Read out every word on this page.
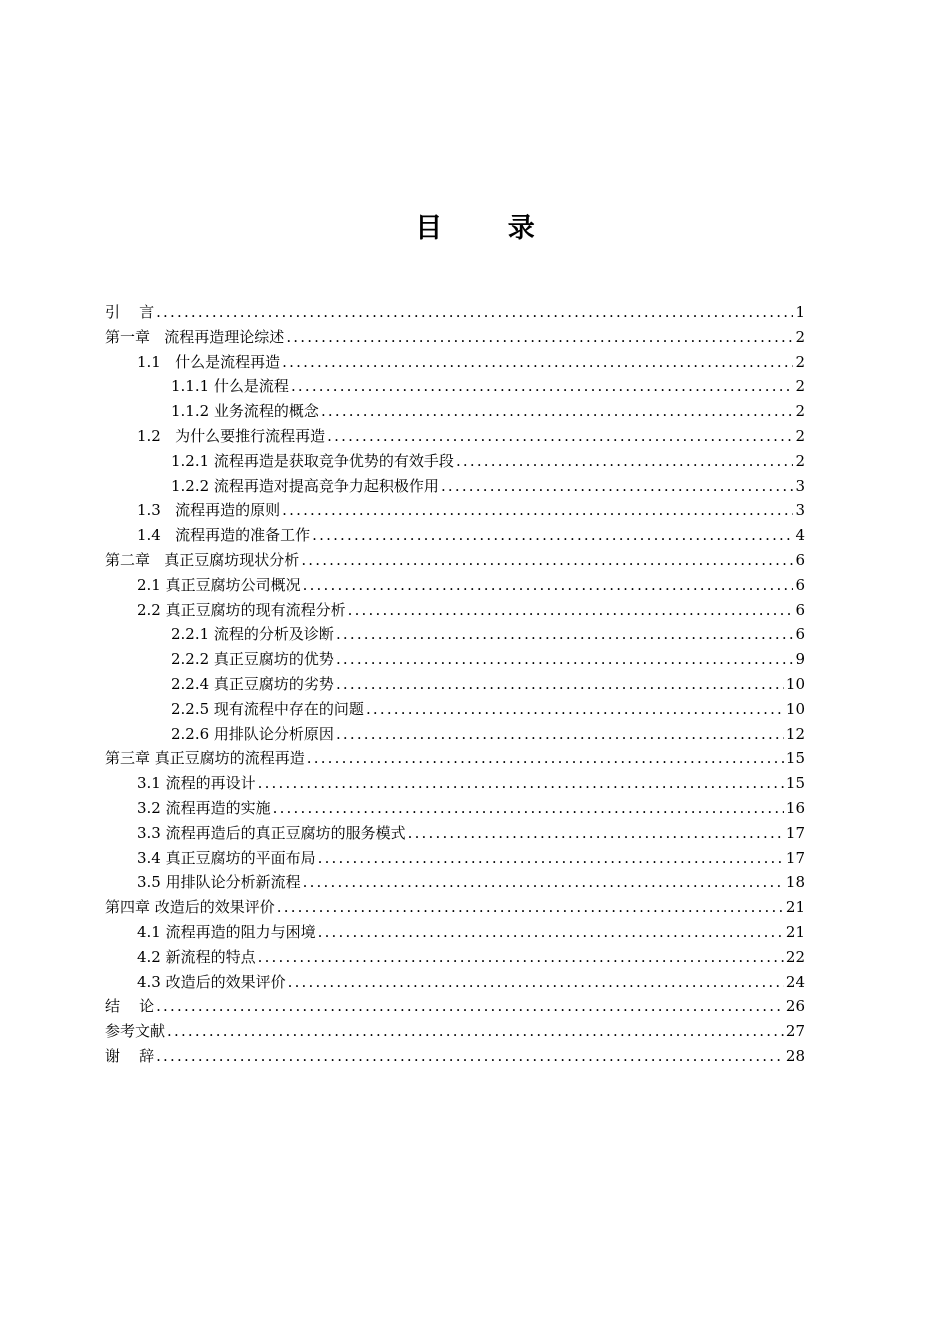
目 录
引    言 .....	1
第一章   流程再造理论综述 .....	2
1.1   什么是流程再造 .....	2
1.1.1 什么是流程 .....	2
1.1.2 业务流程的概念 .....	2
1.2   为什么要推行流程再造 .....	2
1.2.1 流程再造是获取竞争优势的有效手段 .....	2
1.2.2 流程再造对提高竞争力起积极作用 .....	3
1.3   流程再造的原则 .....	3
1.4   流程再造的准备工作 .....	4
第二章   真正豆腐坊现状分析 .....	6
2.1 真正豆腐坊公司概况 .....	6
2.2 真正豆腐坊的现有流程分析 .....	6
2.2.1 流程的分析及诊断 .....	6
2.2.2 真正豆腐坊的优势 .....	9
2.2.4 真正豆腐坊的劣势 .....	10
2.2.5 现有流程中存在的问题 .....	10
2.2.6 用排队论分析原因 .....	12
第三章 真正豆腐坊的流程再造 .....	15
3.1 流程的再设计 .....	15
3.2 流程再造的实施 .....	16
3.3 流程再造后的真正豆腐坊的服务模式 .....	17
3.4 真正豆腐坊的平面布局 .....	17
3.5 用排队论分析新流程 .....	18
第四章 改造后的效果评价 .....	21
4.1 流程再造的阻力与困境 .....	21
4.2 新流程的特点 .....	22
4.3 改造后的效果评价 .....	24
结    论 .....	26
参考文献 .....	27
谢    辞 .....	28
